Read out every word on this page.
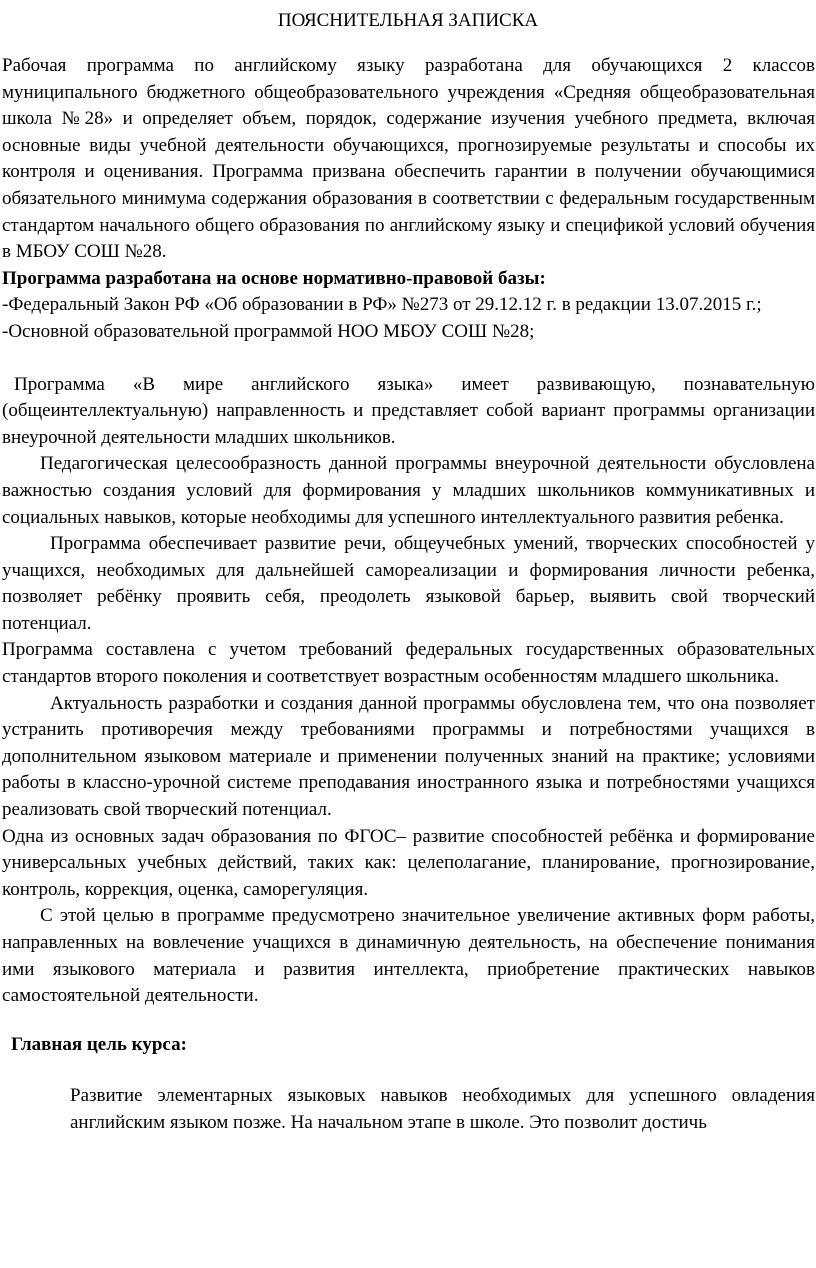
ПОЯСНИТЕЛЬНАЯ ЗАПИСКА

Рабочая программа по английскому языку разработана для обучающихся 2 классов муниципального бюджетного общеобразовательного учреждения «Средняя общеобразовательная школа №28» и определяет объем, порядок, содержание изучения учебного предмета, включая основные виды учебной деятельности обучающихся, прогнозируемые результаты и способы их контроля и оценивания. Программа призвана обеспечить гарантии в получении обучающимися обязательного минимума содержания образования в соответствии с федеральным государственным стандартом начального общего образования по английскому языку и спецификой условий обучения в МБОУ СОШ №28.

Программа разработана на основе нормативно-правовой базы:

-Федеральный Закон РФ «Об образовании в РФ» №273 от 29.12.12 г. в редакции 13.07.2015 г.;

-Основной образовательной программой НОО МБОУ СОШ №28;

Программа «В мире английского языка» имеет развивающую, познавательную (общеинтеллектуальную) направленность и представляет собой вариант программы организации внеурочной деятельности младших школьников.

Педагогическая целесообразность данной программы внеурочной деятельности обусловлена важностью создания условий для формирования у младших школьников коммуникативных и социальных навыков, которые необходимы для успешного интеллектуального развития ребенка.

Программа обеспечивает развитие речи, общеучебных умений, творческих способностей у учащихся, необходимых для дальнейшей самореализации и формирования личности ребенка, позволяет ребёнку проявить себя, преодолеть языковой барьер, выявить свой творческий потенциал.

Программа составлена с учетом требований федеральных государственных образовательных стандартов второго поколения и соответствует возрастным особенностям младшего школьника.

Актуальность разработки и создания данной программы обусловлена тем, что она позволяет устранить противоречия между требованиями программы и потребностями учащихся в дополнительном языковом материале и применении полученных знаний на практике; условиями работы в классно-урочной системе преподавания иностранного языка и потребностями учащихся реализовать свой творческий потенциал.

Одна из основных задач образования по ФГОС– развитие способностей ребёнка и формирование универсальных учебных действий, таких как: целеполагание, планирование, прогнозирование, контроль, коррекция, оценка, саморегуляция.

С этой целью в программе предусмотрено значительное увеличение активных форм работы, направленных на вовлечение учащихся в динамичную деятельность, на обеспечение понимания ими языкового материала и развития интеллекта, приобретение практических навыков самостоятельной деятельности.

Главная цель курса:

Развитие элементарных языковых навыков необходимых для успешного овладения английским языком позже. На начальном этапе в школе. Это позволит достичь
